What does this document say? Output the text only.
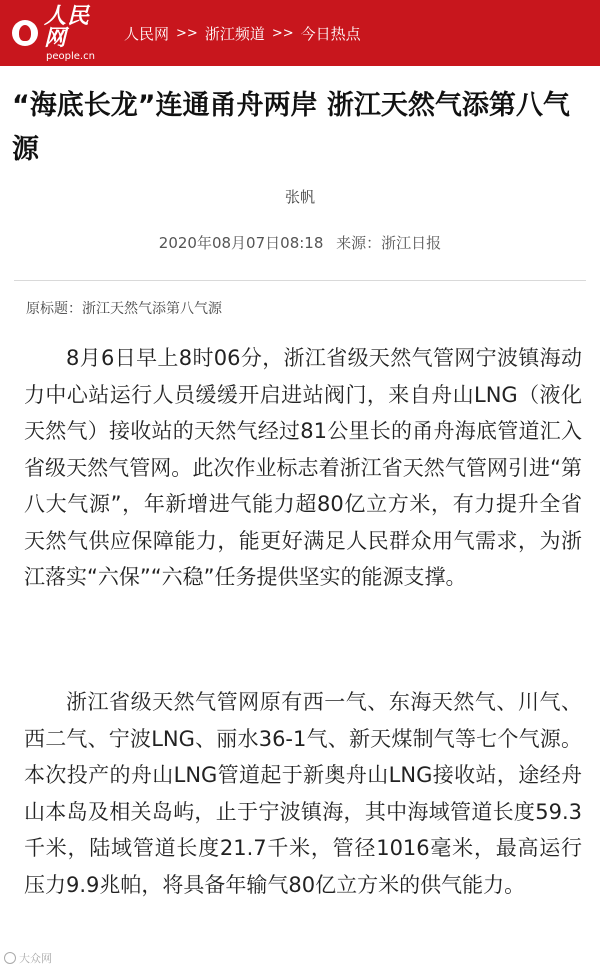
人民网
people.cn
人民网 >> 浙江频道 >> 今日热点
“海底长龙”连通甬舟两岸 浙江天然气添第八气源
张帆
2020年08月07日08:18 来源：浙江日报
原标题：浙江天然气添第八气源

8月6日早上8时06分，浙江省级天然气管网宁波镇海动力中心站运行人员缓缓开启进站阀门，来自舟山LNG（液化天然气）接收站的天然气经过81公里长的甬舟海底管道汇入省级天然气管网。此次作业标志着浙江省天然气管网引进“第八大气源”，年新增进气能力超80亿立方米，有力提升全省天然气供应保障能力，能更好满足人民群众用气需求，为浙江落实“六保”“六稳”任务提供坚实的能源支撑。

浙江省级天然气管网原有西一气、东海天然气、川气、西二气、宁波LNG、丽水36-1气、新天煤制气等七个气源。本次投产的舟山LNG管道起于新奥舟山LNG接收站，途经舟山本岛及相关岛屿，止于宁波镇海，其中海域管道长度59.3千米，陆域管道长度21.7千米，管径1016毫米，最高运行压力9.9兆帕，将具备年输气80亿立方米的供气能力。

大众网
